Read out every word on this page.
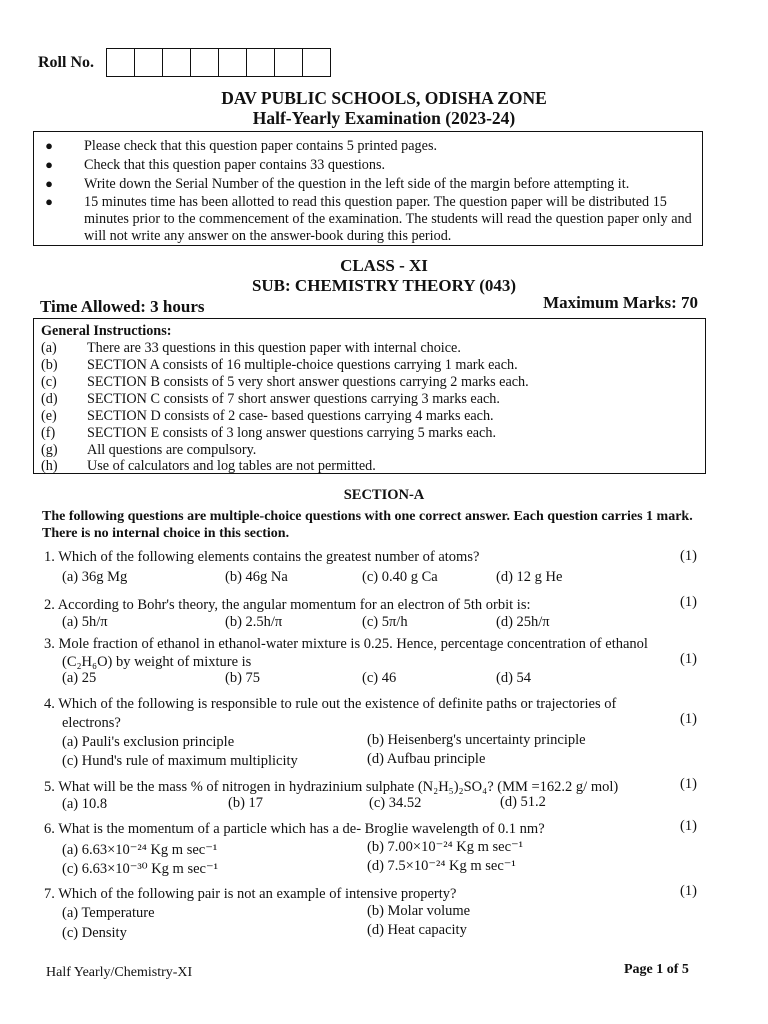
Roll No.
DAV PUBLIC SCHOOLS, ODISHA ZONE
Half-Yearly Examination (2023-24)
● Please check that this question paper contains 5 printed pages.
● Check that this question paper contains 33 questions.
● Write down the Serial Number of the question in the left side of the margin before attempting it.
● 15 minutes time has been allotted to read this question paper. The question paper will be distributed 15 minutes prior to the commencement of the examination. The students will read the question paper only and will not write any answer on the answer-book during this period.
CLASS - XI
SUB: CHEMISTRY THEORY (043)
Time Allowed: 3 hours	Maximum Marks: 70
General Instructions:
(a) There are 33 questions in this question paper with internal choice.
(b) SECTION A consists of 16 multiple-choice questions carrying 1 mark each.
(c) SECTION B consists of 5 very short answer questions carrying 2 marks each.
(d) SECTION C consists of 7 short answer questions carrying 3 marks each.
(e) SECTION D consists of 2 case- based questions carrying 4 marks each.
(f) SECTION E consists of 3 long answer questions carrying 5 marks each.
(g) All questions are compulsory.
(h) Use of calculators and log tables are not permitted.
SECTION-A
The following questions are multiple-choice questions with one correct answer. Each question carries 1 mark. There is no internal choice in this section.
1. Which of the following elements contains the greatest number of atoms?	(1)
(a) 36g Mg	(b) 46g Na	(c) 0.40 g Ca	(d) 12 g He
2. According to Bohr's theory, the angular momentum for an electron of 5th orbit is:	(1)
(a) 5h/π	(b) 2.5h/π	(c) 5π/h	(d) 25h/π
3. Mole fraction of ethanol in ethanol-water mixture is 0.25. Hence, percentage concentration of ethanol
(C₂H₆O) by weight of mixture is	(1)
(a) 25	(b) 75	(c) 46	(d) 54
4. Which of the following is responsible to rule out the existence of definite paths or trajectories of
electrons?	(1)
(a) Pauli's exclusion principle	(b) Heisenberg's uncertainty principle
(c) Hund's rule of maximum multiplicity	(d) Aufbau principle
5. What will be the mass % of nitrogen in hydrazinium sulphate (N₂H₅)₂SO₄? (MM =162.2 g/ mol)	(1)
(a) 10.8	(b) 17	(c) 34.52	(d) 51.2
6. What is the momentum of a particle which has a de- Broglie wavelength of 0.1 nm?	(1)
(a) 6.63×10⁻²⁴ Kg m sec⁻¹	(b) 7.00×10⁻²⁴ Kg m sec⁻¹
(c) 6.63×10⁻³⁰ Kg m sec⁻¹	(d) 7.5×10⁻²⁴ Kg m sec⁻¹
7. Which of the following pair is not an example of intensive property?	(1)
(a) Temperature	(b) Molar volume
(c) Density	(d) Heat capacity
Half Yearly/Chemistry-XI	Page 1 of 5
